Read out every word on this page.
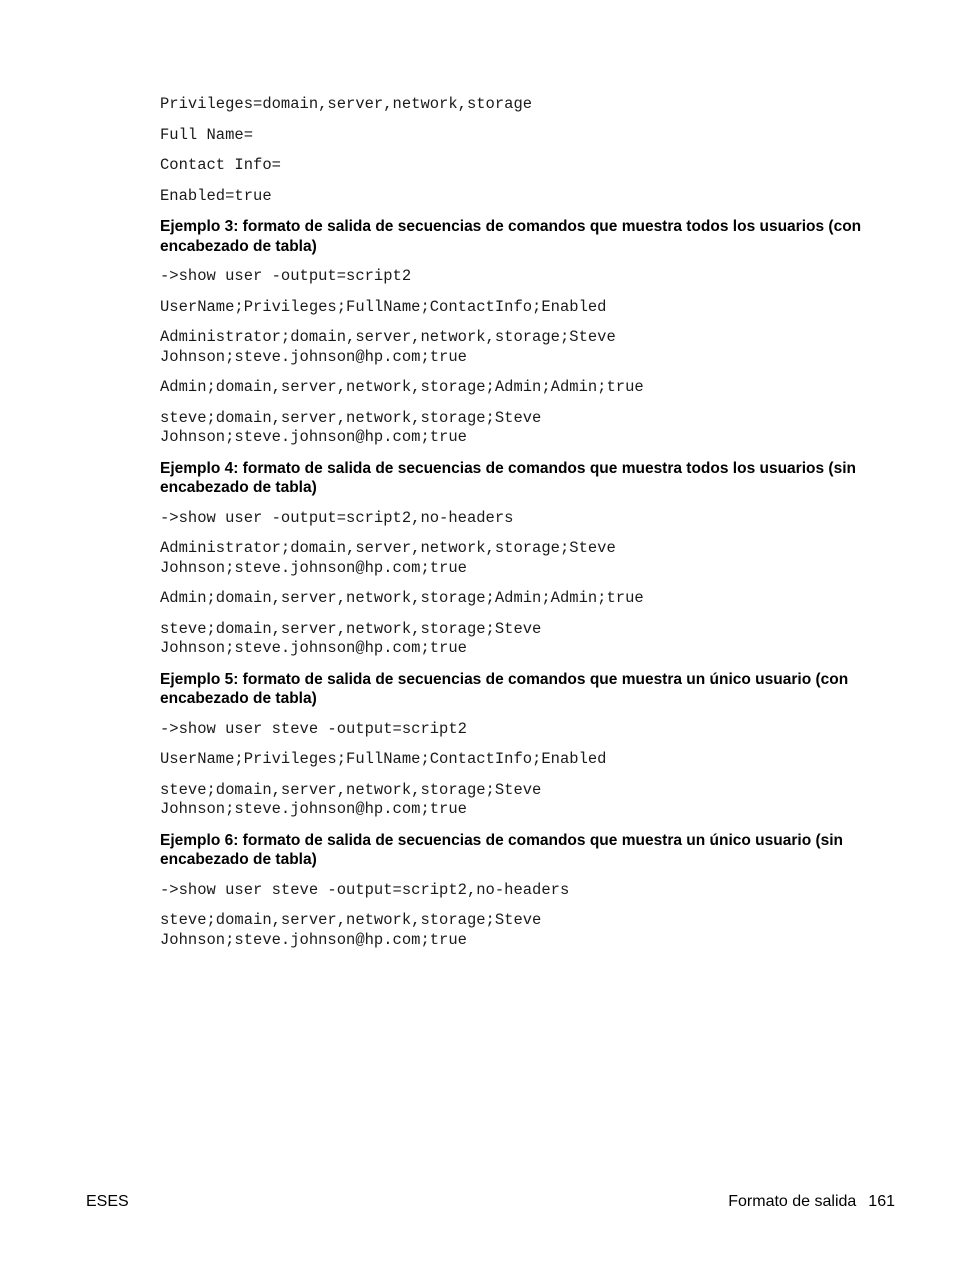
Privileges=domain,server,network,storage
Full Name=
Contact Info=
Enabled=true
Ejemplo 3: formato de salida de secuencias de comandos que muestra todos los usuarios (con encabezado de tabla)
->show user -output=script2
UserName;Privileges;FullName;ContactInfo;Enabled
Administrator;domain,server,network,storage;Steve
Johnson;steve.johnson@hp.com;true
Admin;domain,server,network,storage;Admin;Admin;true
steve;domain,server,network,storage;Steve
Johnson;steve.johnson@hp.com;true
Ejemplo 4: formato de salida de secuencias de comandos que muestra todos los usuarios (sin encabezado de tabla)
->show user -output=script2,no-headers
Administrator;domain,server,network,storage;Steve
Johnson;steve.johnson@hp.com;true
Admin;domain,server,network,storage;Admin;Admin;true
steve;domain,server,network,storage;Steve
Johnson;steve.johnson@hp.com;true
Ejemplo 5: formato de salida de secuencias de comandos que muestra un único usuario (con encabezado de tabla)
->show user steve -output=script2
UserName;Privileges;FullName;ContactInfo;Enabled
steve;domain,server,network,storage;Steve
Johnson;steve.johnson@hp.com;true
Ejemplo 6: formato de salida de secuencias de comandos que muestra un único usuario (sin encabezado de tabla)
->show user steve -output=script2,no-headers
steve;domain,server,network,storage;Steve
Johnson;steve.johnson@hp.com;true
ESES	Formato de salida 161
